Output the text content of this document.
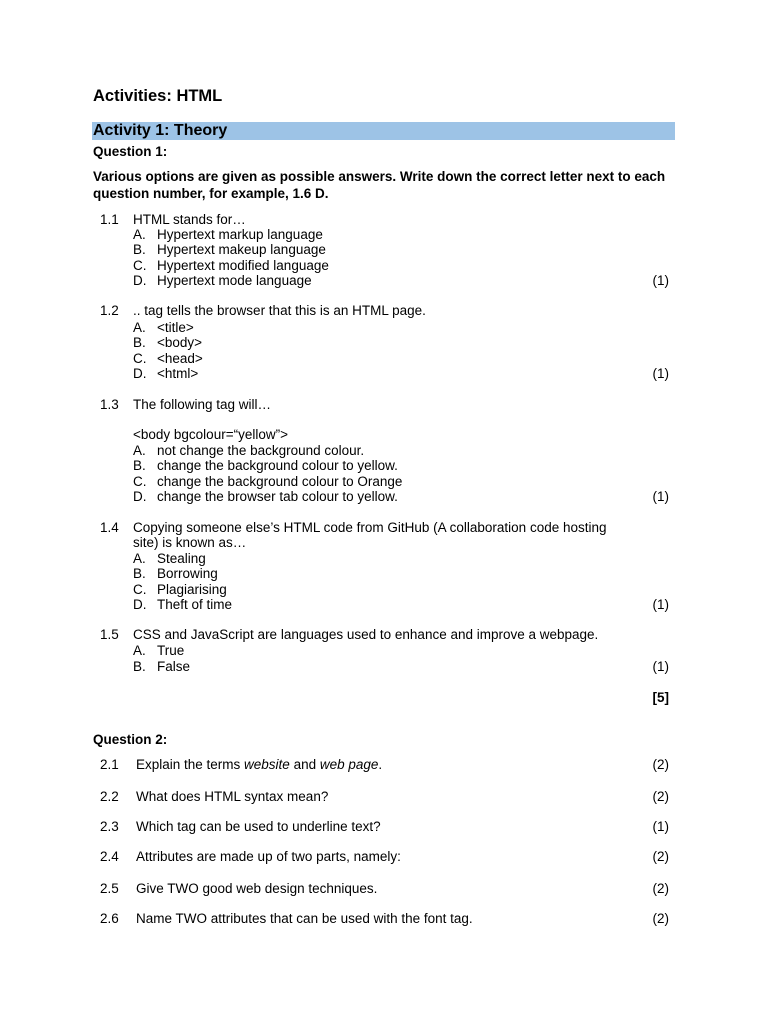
Activities: HTML
Activity 1: Theory
Question 1:
Various options are given as possible answers. Write down the correct letter next to each question number, for example, 1.6 D.
1.1 HTML stands for…
A. Hypertext markup language
B. Hypertext makeup language
C. Hypertext modified language
D. Hypertext mode language	(1)
1.2 .. tag tells the browser that this is an HTML page.
A. <title>
B. <body>
C. <head>
D. <html>	(1)
1.3 The following tag will…
<body bgcolour=“yellow”>
A. not change the background colour.
B. change the background colour to yellow.
C. change the background colour to Orange
D. change the browser tab colour to yellow.	(1)
1.4 Copying someone else’s HTML code from GitHub (A collaboration code hosting
site) is known as…
A. Stealing
B. Borrowing
C. Plagiarising
D. Theft of time	(1)
1.5 CSS and JavaScript are languages used to enhance and improve a webpage.
A. True
B. False	(1)
[5]
Question 2:
2.1 Explain the terms website and web page.	(2)
2.2 What does HTML syntax mean?	(2)
2.3 Which tag can be used to underline text?	(1)
2.4 Attributes are made up of two parts, namely:	(2)
2.5 Give TWO good web design techniques.	(2)
2.6 Name TWO attributes that can be used with the font tag.	(2)
